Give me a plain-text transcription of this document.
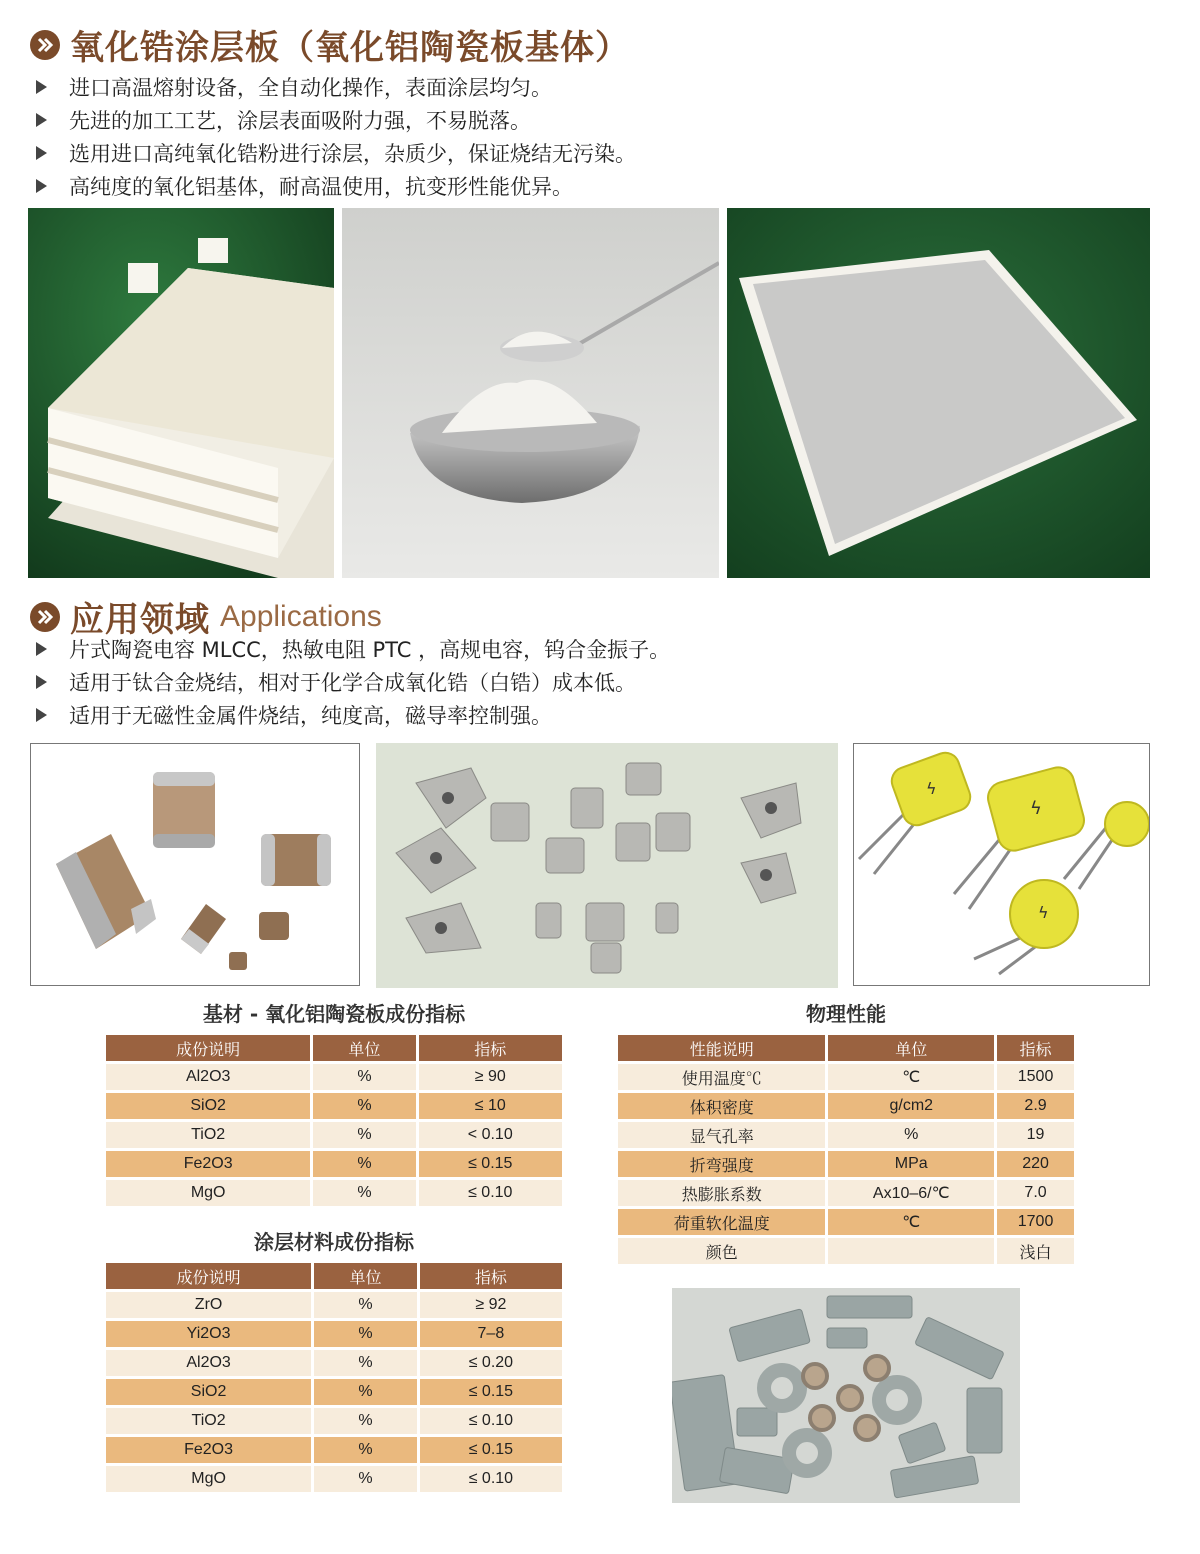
氧化锆涂层板（氧化铝陶瓷板基体）
进口高温熔射设备，全自动化操作，表面涂层均匀。
先进的加工工艺，涂层表面吸附力强，不易脱落。
选用进口高纯氧化锆粉进行涂层，杂质少，保证烧结无污染。
高纯度的氧化铝基体，耐高温使用，抗变形性能优异。
应用领域 Applications
片式陶瓷电容 MLCC，热敏电阻 PTC ，高规电容，钨合金振子。
适用于钛合金烧结，相对于化学合成氧化锆（白锆）成本低。
适用于无磁性金属件烧结，纯度高，磁导率控制强。
ϟ
ϟ
ϟ
基材 - 氧化铝陶瓷板成份指标
成份说明	单位	指标
Al2O3	%	≥ 90
SiO2	%	≤ 10
TiO2	%	< 0.10
Fe2O3	%	≤ 0.15
MgO	%	≤ 0.10
涂层材料成份指标
成份说明	单位	指标
ZrO	%	≥ 92
Yi2O3	%	7–8
Al2O3	%	≤ 0.20
SiO2	%	≤ 0.15
TiO2	%	≤ 0.10
Fe2O3	%	≤ 0.15
MgO	%	≤ 0.10
物理性能
性能说明	单位	指标
使用温度℃	℃	1500
体积密度	g/cm2	2.9
显气孔率	%	19
折弯强度	MPa	220
热膨胀系数	Ax10–6/℃	7.0
荷重软化温度	℃	1700
颜色		浅白
